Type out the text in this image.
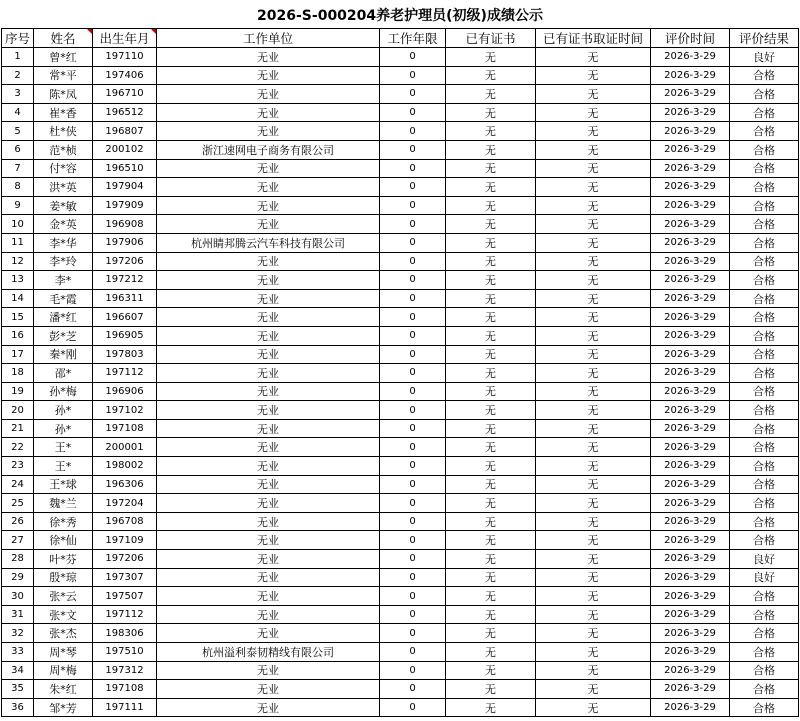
2026-S-000204养老护理员(初级)成绩公示
序号	姓名	出生年月	工作单位	工作年限	已有证书	已有证书取证时间	评价时间	评价结果
1	曾*红	197110	无业	0	无	无	2026-3-29	良好
2	常*平	197406	无业	0	无	无	2026-3-29	合格
3	陈*凤	196710	无业	0	无	无	2026-3-29	合格
4	崔*香	196512	无业	0	无	无	2026-3-29	合格
5	杜*侠	196807	无业	0	无	无	2026-3-29	合格
6	范*桢	200102	浙江速网电子商务有限公司	0	无	无	2026-3-29	合格
7	付*容	196510	无业	0	无	无	2026-3-29	合格
8	洪*英	197904	无业	0	无	无	2026-3-29	合格
9	姜*敏	197909	无业	0	无	无	2026-3-29	合格
10	金*英	196908	无业	0	无	无	2026-3-29	合格
11	李*华	197906	杭州睛邦腾云汽车科技有限公司	0	无	无	2026-3-29	合格
12	李*玲	197206	无业	0	无	无	2026-3-29	合格
13	李*	197212	无业	0	无	无	2026-3-29	合格
14	毛*霞	196311	无业	0	无	无	2026-3-29	合格
15	潘*红	196607	无业	0	无	无	2026-3-29	合格
16	彭*芝	196905	无业	0	无	无	2026-3-29	合格
17	秦*刚	197803	无业	0	无	无	2026-3-29	合格
18	邵*	197112	无业	0	无	无	2026-3-29	合格
19	孙*梅	196906	无业	0	无	无	2026-3-29	合格
20	孙*	197102	无业	0	无	无	2026-3-29	合格
21	孙*	197108	无业	0	无	无	2026-3-29	合格
22	王*	200001	无业	0	无	无	2026-3-29	合格
23	王*	198002	无业	0	无	无	2026-3-29	合格
24	王*球	196306	无业	0	无	无	2026-3-29	合格
25	魏*兰	197204	无业	0	无	无	2026-3-29	合格
26	徐*秀	196708	无业	0	无	无	2026-3-29	合格
27	徐*仙	197109	无业	0	无	无	2026-3-29	合格
28	叶*芬	197206	无业	0	无	无	2026-3-29	良好
29	殷*琼	197307	无业	0	无	无	2026-3-29	良好
30	张*云	197507	无业	0	无	无	2026-3-29	合格
31	张*文	197112	无业	0	无	无	2026-3-29	合格
32	张*杰	198306	无业	0	无	无	2026-3-29	合格
33	周*琴	197510	杭州溢利泰韧精线有限公司	0	无	无	2026-3-29	合格
34	周*梅	197312	无业	0	无	无	2026-3-29	合格
35	朱*红	197108	无业	0	无	无	2026-3-29	合格
36	邹*芳	197111	无业	0	无	无	2026-3-29	合格
